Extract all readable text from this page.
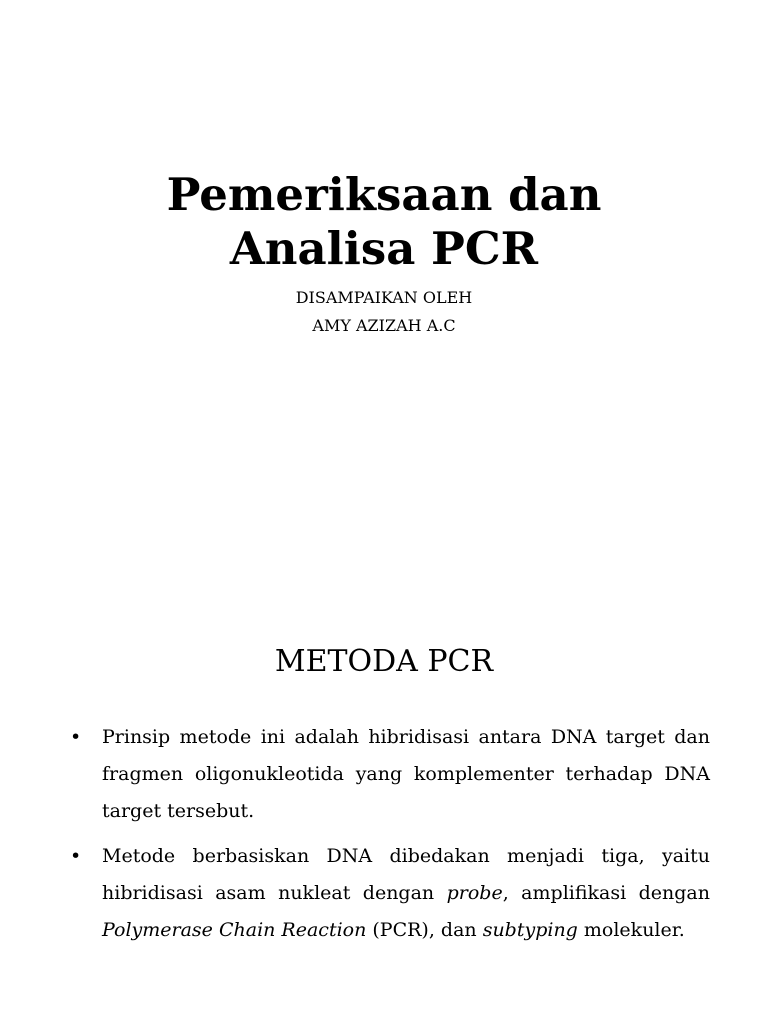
Pemeriksaan dan
Analisa PCR
DISAMPAIKAN OLEH
AMY AZIZAH A.C
METODA PCR
• Prinsip metode ini adalah hibridisasi antara DNA target dan fragmen oligonukleotida yang komplementer terhadap DNA target tersebut.
• Metode berbasiskan DNA dibedakan menjadi tiga, yaitu hibridisasi asam nukleat dengan probe, amplifikasi dengan Polymerase Chain Reaction (PCR), dan subtyping molekuler.
